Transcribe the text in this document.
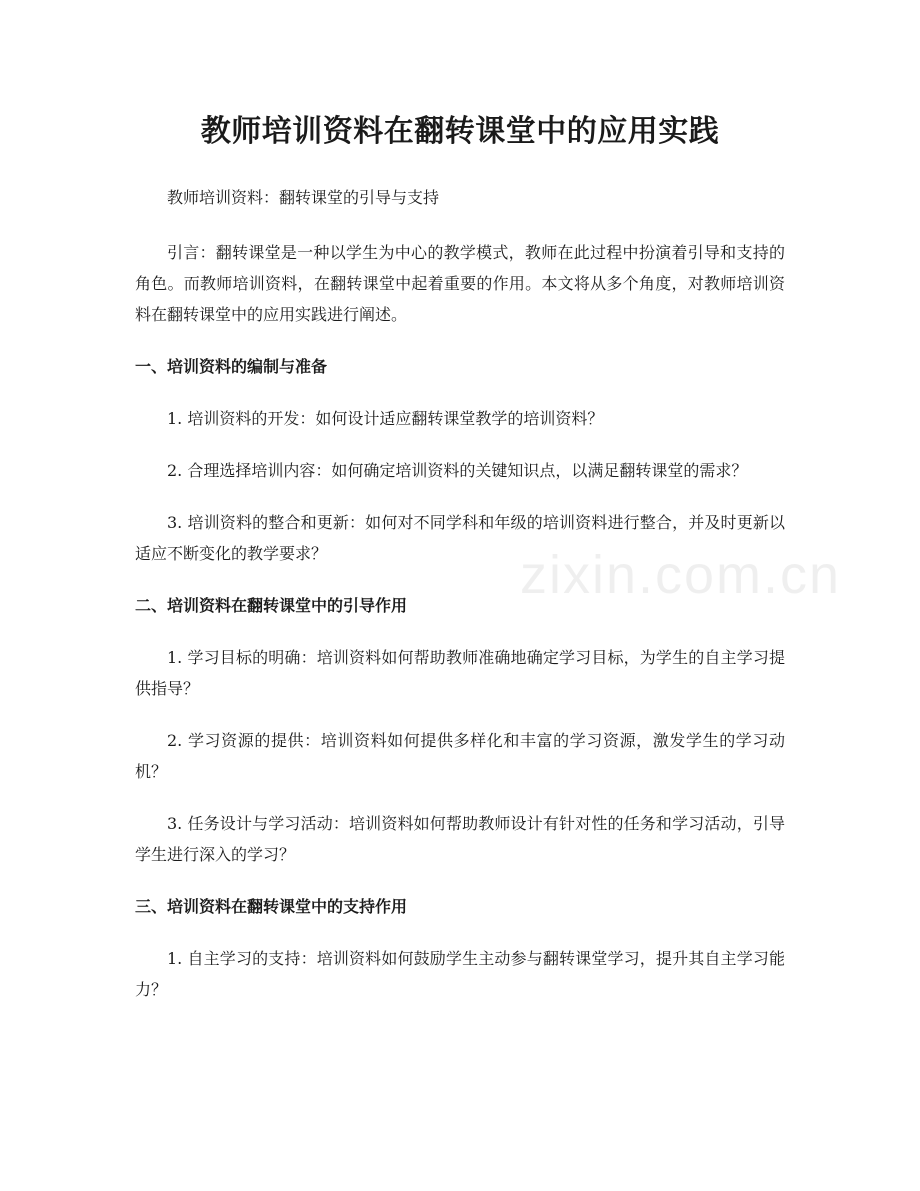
教师培训资料在翻转课堂中的应用实践

教师培训资料：翻转课堂的引导与支持

引言：翻转课堂是一种以学生为中心的教学模式，教师在此过程中扮演着引导和支持的角色。而教师培训资料，在翻转课堂中起着重要的作用。本文将从多个角度，对教师培训资料在翻转课堂中的应用实践进行阐述。

一、培训资料的编制与准备

1. 培训资料的开发：如何设计适应翻转课堂教学的培训资料？

2. 合理选择培训内容：如何确定培训资料的关键知识点，以满足翻转课堂的需求？

3. 培训资料的整合和更新：如何对不同学科和年级的培训资料进行整合，并及时更新以适应不断变化的教学要求？

二、培训资料在翻转课堂中的引导作用

1. 学习目标的明确：培训资料如何帮助教师准确地确定学习目标，为学生的自主学习提供指导？

2. 学习资源的提供：培训资料如何提供多样化和丰富的学习资源，激发学生的学习动机？

3. 任务设计与学习活动：培训资料如何帮助教师设计有针对性的任务和学习活动，引导学生进行深入的学习？

三、培训资料在翻转课堂中的支持作用

1. 自主学习的支持：培训资料如何鼓励学生主动参与翻转课堂学习，提升其自主学习能力？

zixin.com.cn
